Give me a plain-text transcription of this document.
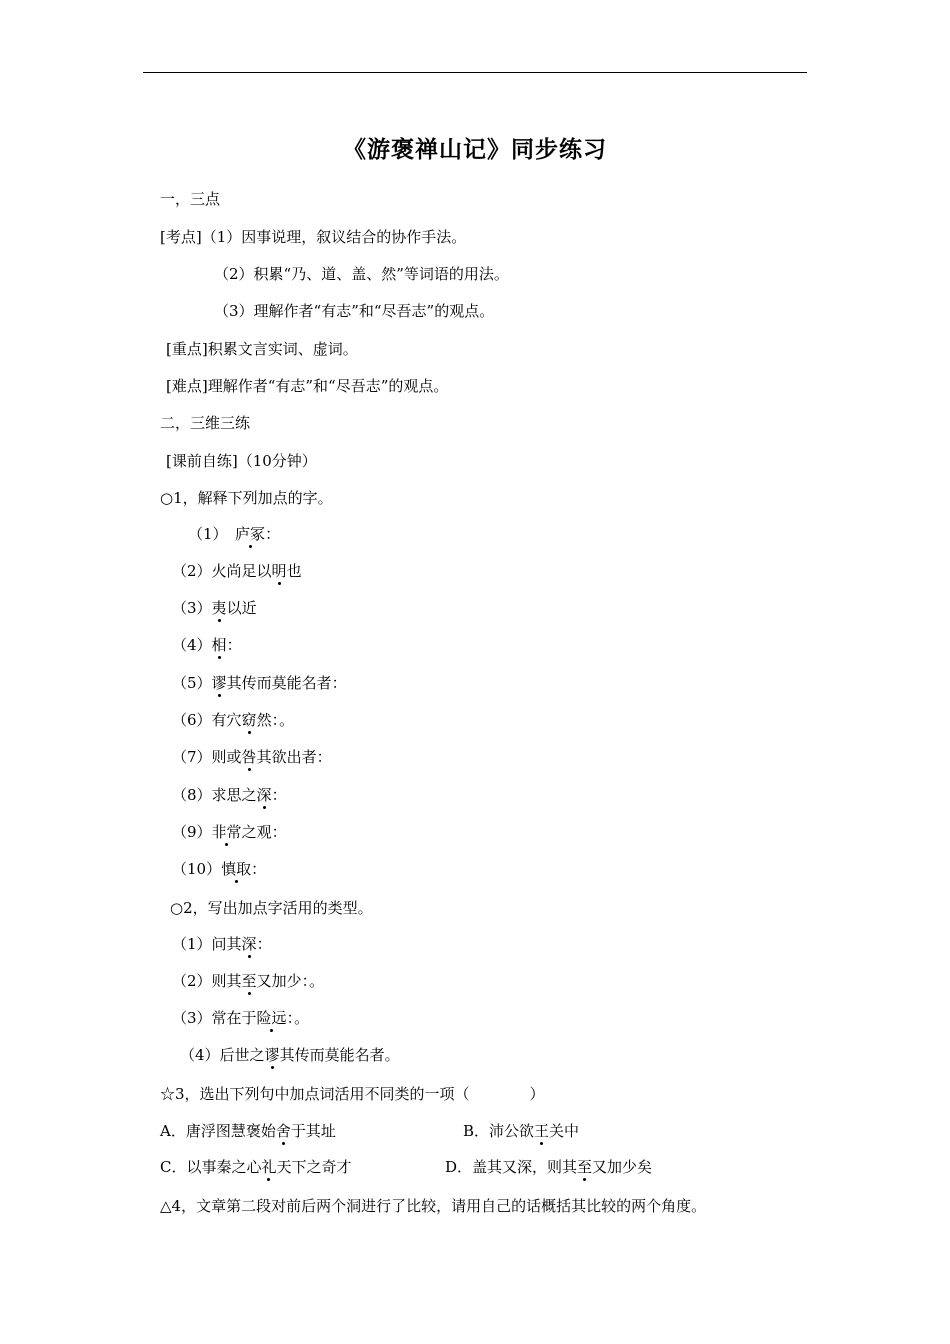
《游褒禅山记》同步练习
一，三点
[考点]（1）因事说理，叙议结合的协作手法。
（2）积累“乃、道、盖、然”等词语的用法。
（3）理解作者“有志”和“尽吾志”的观点。
[重点]积累文言实词、虚词。
[难点]理解作者“有志”和“尽吾志”的观点。
二，三维三练
[课前自练]（10分钟）
○1，解释下列加点的字。
（1）　庐冢：
（2）火尚足以明也
（3）夷以近
（4）相：
（5）谬其传而莫能名者：
（6）有穴窈然：。
（7）则或咎其欲出者：
（8）求思之深：
（9）非常之观：
（10）慎取：
○2，写出加点字活用的类型。
（1）问其深：
（2）则其至又加少：。
（3）常在于险远：。
（4）后世之谬其传而莫能名者。
☆3，选出下列句中加点词活用不同类的一项（　　　　）
A．唐浮图慧褒始舍于其址	B．沛公欲王关中
C．以事秦之心礼天下之奇才	D．盖其又深，则其至又加少矣
△4，文章第二段对前后两个洞进行了比较，请用自己的话概括其比较的两个角度。
